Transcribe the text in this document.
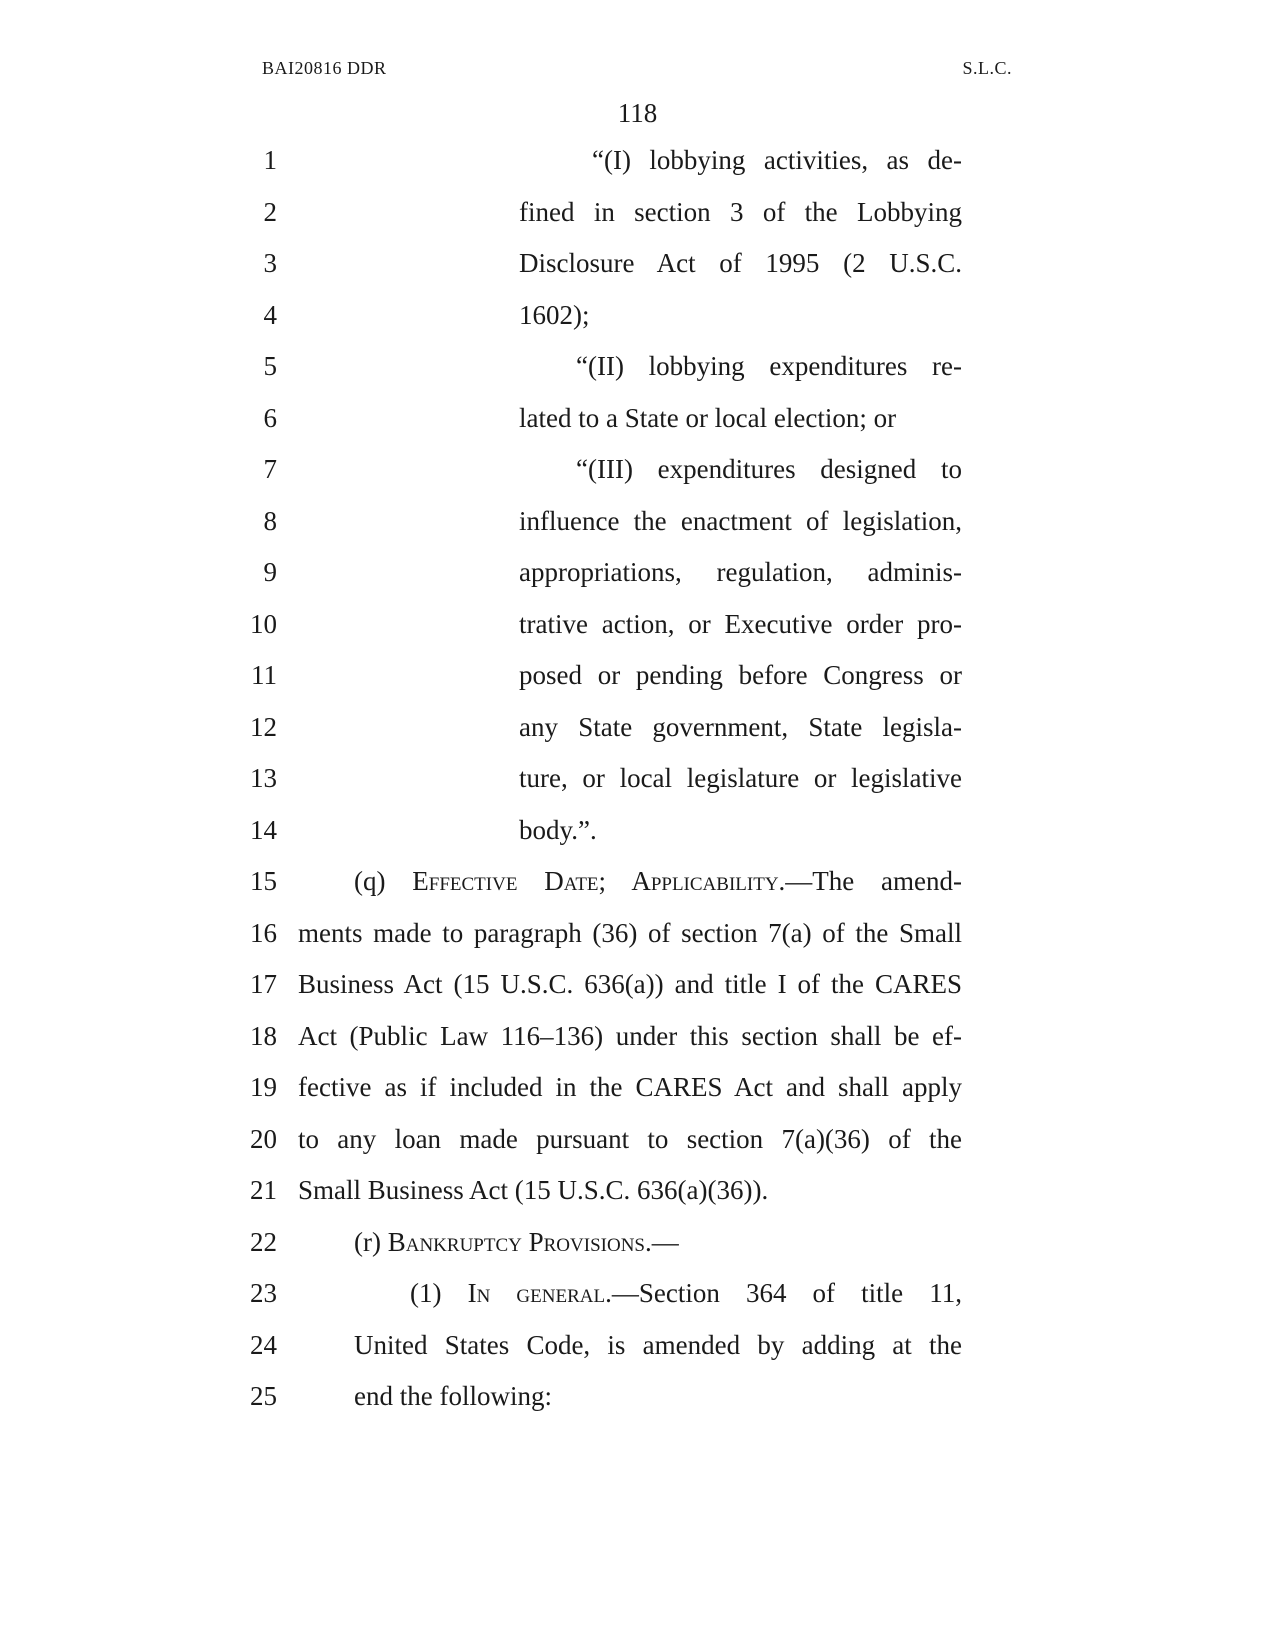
BAI20816 DDR	S.L.C.
118
1	“(I) lobbying activities, as de-
2	fined in section 3 of the Lobbying
3	Disclosure Act of 1995 (2 U.S.C.
4	1602);
5	“(II) lobbying expenditures re-
6	lated to a State or local election; or
7	“(III) expenditures designed to
8	influence the enactment of legislation,
9	appropriations, regulation, adminis-
10	trative action, or Executive order pro-
11	posed or pending before Congress or
12	any State government, State legisla-
13	ture, or local legislature or legislative
14	body.”.
15	(q) Effective Date; Applicability.—The amend-
16 ments made to paragraph (36) of section 7(a) of the Small
17 Business Act (15 U.S.C. 636(a)) and title I of the CARES
18 Act (Public Law 116–136) under this section shall be ef-
19 fective as if included in the CARES Act and shall apply
20 to any loan made pursuant to section 7(a)(36) of the
21 Small Business Act (15 U.S.C. 636(a)(36)).
22	(r) Bankruptcy Provisions.—
23	(1) In general.—Section 364 of title 11,
24	United States Code, is amended by adding at the
25	end the following:
